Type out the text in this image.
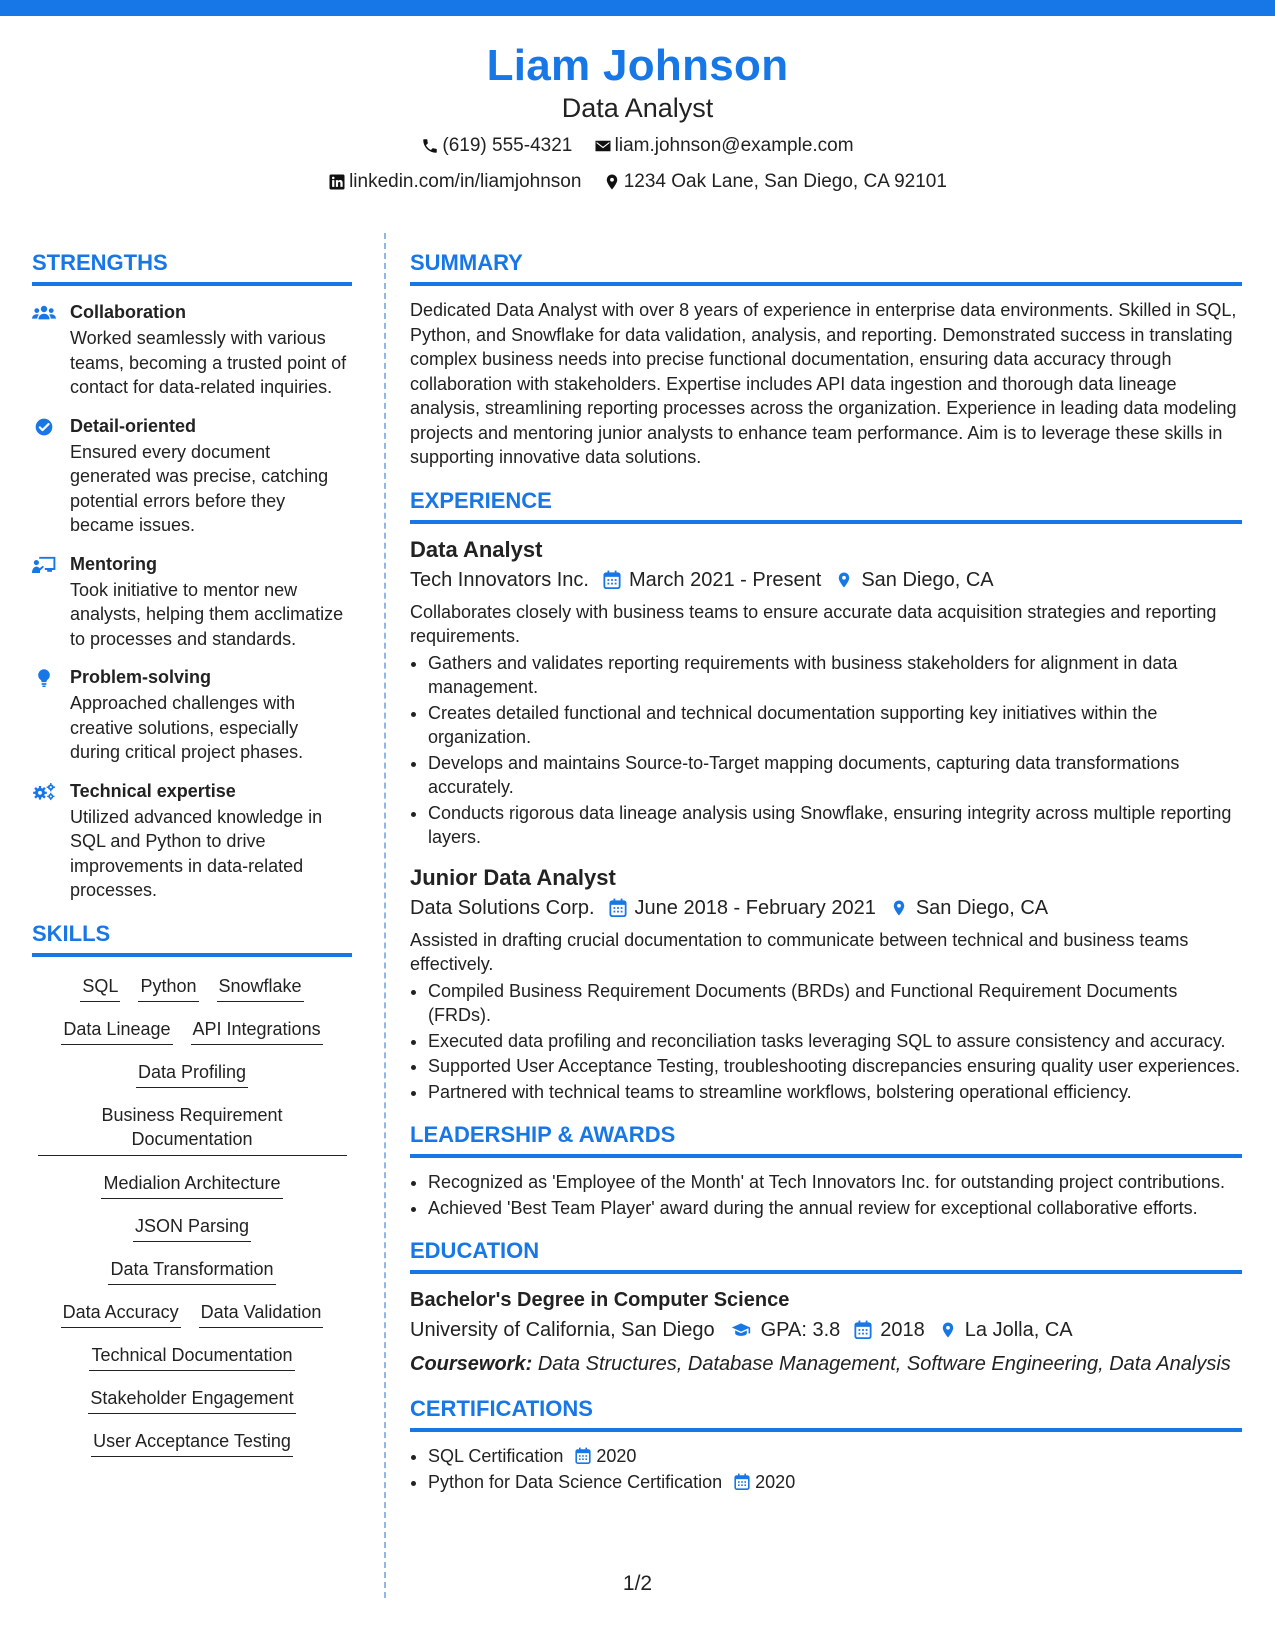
Liam Johnson
Data Analyst
(619) 555-4321
liam.johnson@example.com
linkedin.com/in/liamjohnson
1234 Oak Lane, San Diego, CA 92101
STRENGTHS
Collaboration
Worked seamlessly with various teams, becoming a trusted point of contact for data-related inquiries.
Detail-oriented
Ensured every document generated was precise, catching potential errors before they became issues.
Mentoring
Took initiative to mentor new analysts, helping them acclimatize to processes and standards.
Problem-solving
Approached challenges with creative solutions, especially during critical project phases.
Technical expertise
Utilized advanced knowledge in SQL and Python to drive improvements in data-related processes.
SKILLS
SQL Python Snowflake
Data Lineage API Integrations
Data Profiling
Business Requirement Documentation
Medialion Architecture
JSON Parsing
Data Transformation
Data Accuracy Data Validation
Technical Documentation
Stakeholder Engagement
User Acceptance Testing
SUMMARY
Dedicated Data Analyst with over 8 years of experience in enterprise data environments. Skilled in SQL, Python, and Snowflake for data validation, analysis, and reporting. Demonstrated success in translating complex business needs into precise functional documentation, ensuring data accuracy through collaboration with stakeholders. Expertise includes API data ingestion and thorough data lineage analysis, streamlining reporting processes across the organization. Experience in leading data modeling projects and mentoring junior analysts to enhance team performance. Aim is to leverage these skills in supporting innovative data solutions.
EXPERIENCE
Data Analyst
Tech Innovators Inc. March 2021 - Present San Diego, CA
Collaborates closely with business teams to ensure accurate data acquisition strategies and reporting requirements.
• Gathers and validates reporting requirements with business stakeholders for alignment in data management.
• Creates detailed functional and technical documentation supporting key initiatives within the organization.
• Develops and maintains Source-to-Target mapping documents, capturing data transformations accurately.
• Conducts rigorous data lineage analysis using Snowflake, ensuring integrity across multiple reporting layers.
Junior Data Analyst
Data Solutions Corp. June 2018 - February 2021 San Diego, CA
Assisted in drafting crucial documentation to communicate between technical and business teams effectively.
• Compiled Business Requirement Documents (BRDs) and Functional Requirement Documents (FRDs).
• Executed data profiling and reconciliation tasks leveraging SQL to assure consistency and accuracy.
• Supported User Acceptance Testing, troubleshooting discrepancies ensuring quality user experiences.
• Partnered with technical teams to streamline workflows, bolstering operational efficiency.
LEADERSHIP & AWARDS
• Recognized as 'Employee of the Month' at Tech Innovators Inc. for outstanding project contributions.
• Achieved 'Best Team Player' award during the annual review for exceptional collaborative efforts.
EDUCATION
Bachelor's Degree in Computer Science
University of California, San Diego GPA: 3.8 2018 La Jolla, CA
Coursework: Data Structures, Database Management, Software Engineering, Data Analysis
CERTIFICATIONS
• SQL Certification 2020
• Python for Data Science Certification 2020
1/2
